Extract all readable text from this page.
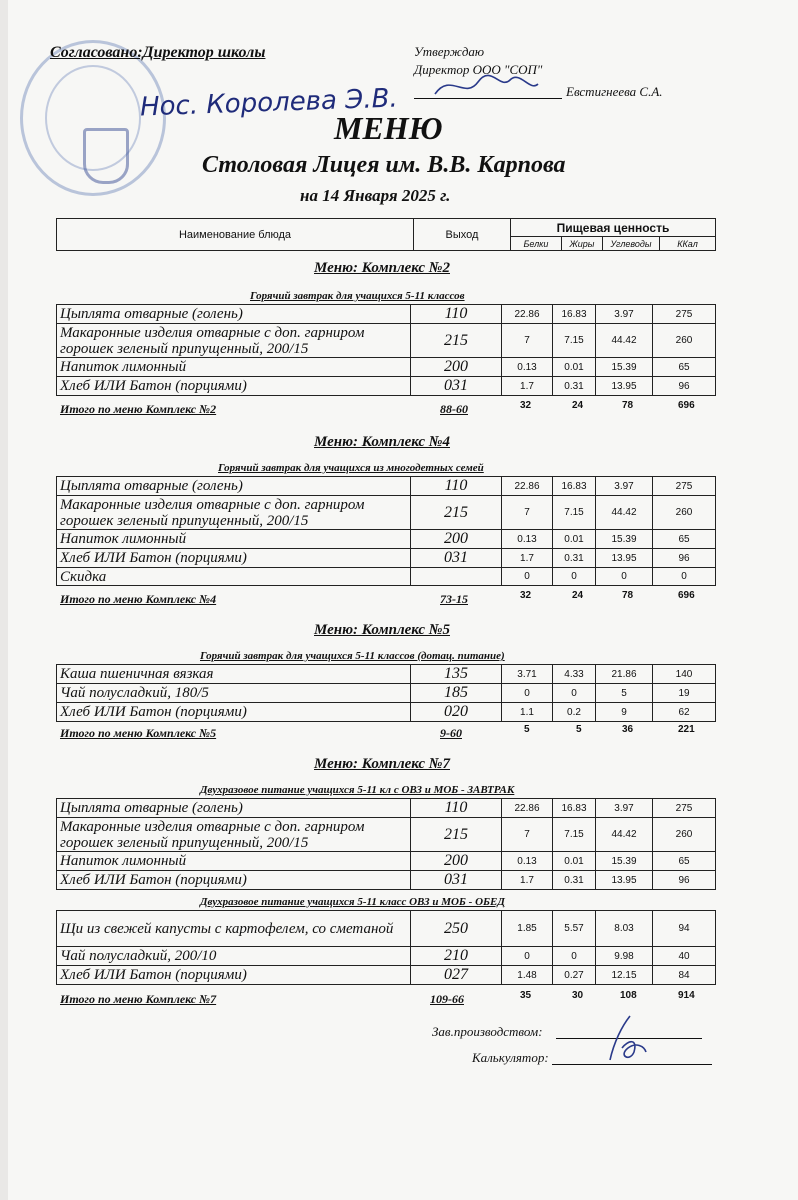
Согласовано:Директор школы
Нос. Королева Э.В.
Утверждаю
Директор ООО "СОП"
Евстигнеева С.А.
МЕНЮ
Столовая Лицея им. В.В. Карпова
на 14 Января 2025 г.
Наименование блюда	Выход	Пищевая ценность			
		Белки	Жиры	Углеводы	ККал
Меню: Комплекс №2
Горячий завтрак для учащихся 5-11 классов
Цыплята отварные (голень)	110	22.86	16.83	3.97	275
Макаронные изделия отварные с доп. гарниром горошек зеленый припущенный, 200/15	215	7	7.15	44.42	260
Напиток лимонный	200	0.13	0.01	15.39	65
Хлеб ИЛИ Батон (порциями)	031	1.7	0.31	13.95	96
Итого по меню Комплекс №2	88-60	32	24	78	696
Меню: Комплекс №4
Горячий завтрак для учащихся из многодетных семей
Цыплята отварные (голень)	110	22.86	16.83	3.97	275
Макаронные изделия отварные с доп. гарниром горошек зеленый припущенный, 200/15	215	7	7.15	44.42	260
Напиток лимонный	200	0.13	0.01	15.39	65
Хлеб ИЛИ Батон (порциями)	031	1.7	0.31	13.95	96
Скидка		0	0	0	0
Итого по меню Комплекс №4	73-15	32	24	78	696
Меню: Комплекс №5
Горячий завтрак для учащихся 5-11 классов (дотац. питание)
Каша пшеничная вязкая	135	3.71	4.33	21.86	140
Чай полусладкий, 180/5	185	0	0	5	19
Хлеб ИЛИ Батон (порциями)	020	1.1	0.2	9	62
Итого по меню Комплекс №5	9-60	5	5	36	221
Меню: Комплекс №7
Двухразовое питание учащихся 5-11 кл с ОВЗ и МОБ - ЗАВТРАК
Цыплята отварные (голень)	110	22.86	16.83	3.97	275
Макаронные изделия отварные с доп. гарниром горошек зеленый припущенный, 200/15	215	7	7.15	44.42	260
Напиток лимонный	200	0.13	0.01	15.39	65
Хлеб ИЛИ Батон (порциями)	031	1.7	0.31	13.95	96
Двухразовое питание учащихся 5-11 класс ОВЗ и МОБ - ОБЕД
Щи из свежей капусты с картофелем, со сметаной	250	1.85	5.57	8.03	94
Чай полусладкий, 200/10	210	0	0	9.98	40
Хлеб ИЛИ Батон (порциями)	027	1.48	0.27	12.15	84
Итого по меню Комплекс №7	109-66	35	30	108	914
Зав.производством:
Калькулятор:
